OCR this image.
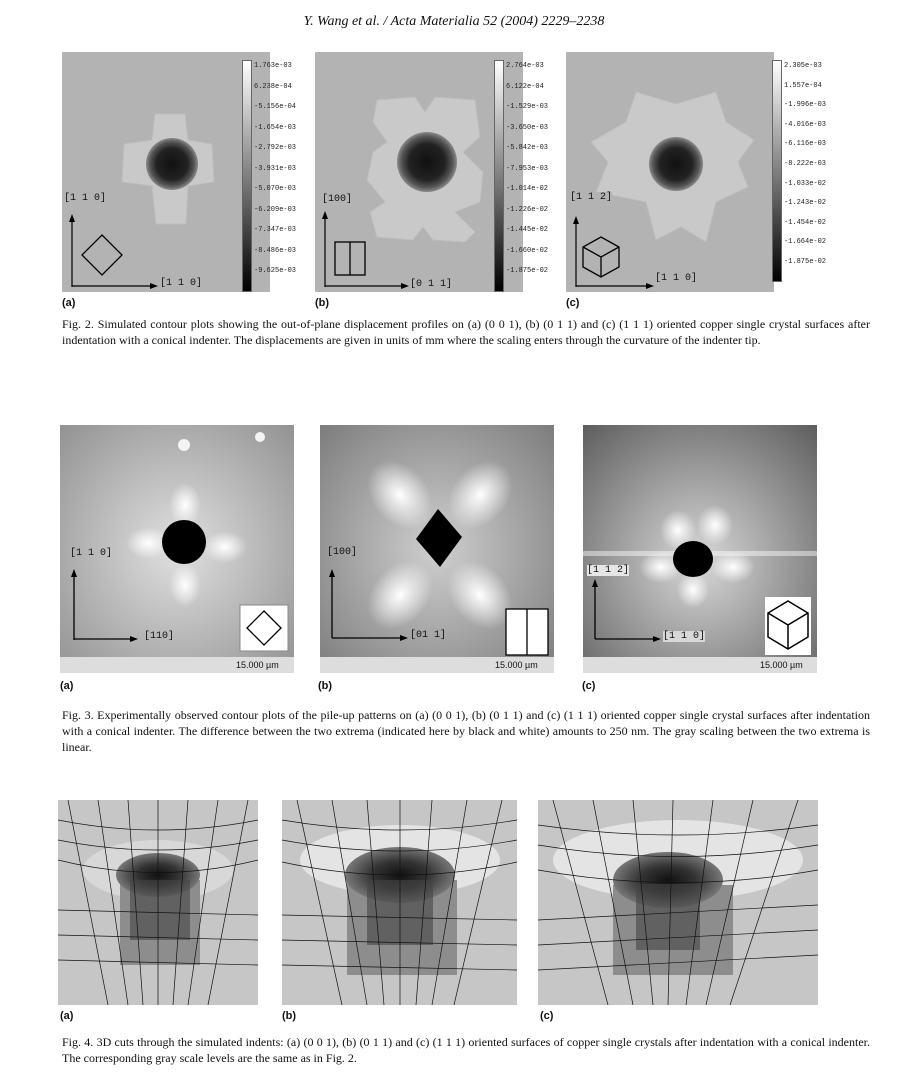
Y. Wang et al. / Acta Materialia 52 (2004) 2229–2238
[1 1 0]
[1 1 0]
1.763e-03
6.238e-04
-5.156e-04
-1.654e-03
-2.792e-03
-3.931e-03
-5.070e-03
-6.209e-03
-7.347e-03
-8.486e-03
-9.625e-03
(a)
[100]
[0 1 1]
2.764e-03
6.122e-04
-1.529e-03
-3.650e-03
-5.842e-03
-7.953e-03
-1.014e-02
-1.226e-02
-1.445e-02
-1.660e-02
-1.875e-02
(b)
[1 1 2]
[1 1 0]
2.305e-03
1.557e-04
-1.996e-03
-4.016e-03
-6.116e-03
-8.222e-03
-1.033e-02
-1.243e-02
-1.454e-02
-1.664e-02
-1.875e-02
(c)
Fig. 2. Simulated contour plots showing the out-of-plane displacement profiles on (a) (0 0 1), (b) (0 1 1) and (c) (1 1 1) oriented copper single crystal surfaces after indentation with a conical indenter. The displacements are given in units of mm where the scaling enters through the curvature of the indenter tip.
[1 1 0]
[110]
15.000 µm
(a)
[100]
[01 1]
15.000 µm
(b)
[1 1 2]
[1 1 0]
15.000 µm
(c)
Fig. 3. Experimentally observed contour plots of the pile-up patterns on (a) (0 0 1), (b) (0 1 1) and (c) (1 1 1) oriented copper single crystal surfaces after indentation with a conical indenter. The difference between the two extrema (indicated here by black and white) amounts to 250 nm. The gray scaling between the two extrema is linear.
(a)	(b)	(c)
Fig. 4. 3D cuts through the simulated indents: (a) (0 0 1), (b) (0 1 1) and (c) (1 1 1) oriented surfaces of copper single crystals after indentation with a conical indenter. The corresponding gray scale levels are the same as in Fig. 2.
